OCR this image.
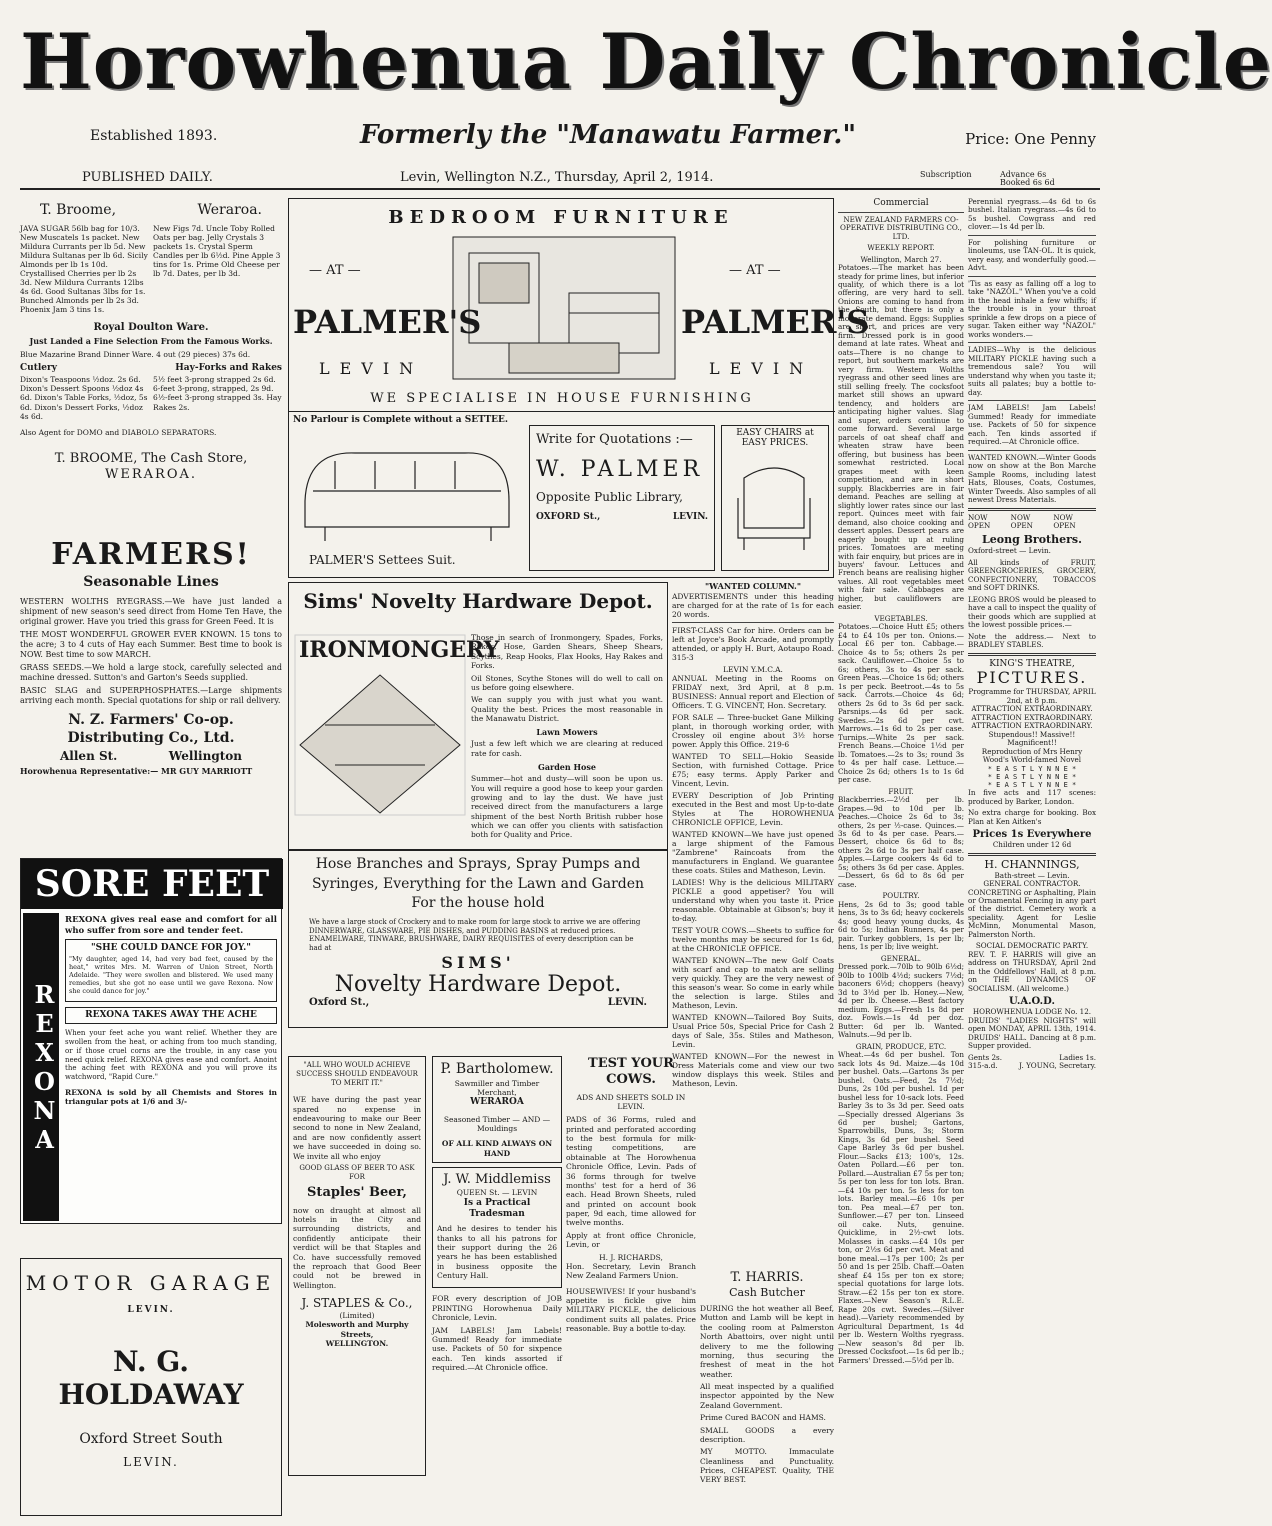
Horowhenua Daily Chronicle
Established 1893.	Formerly the "Manawatu Farmer."	Price: One Penny
PUBLISHED DAILY.	Levin, Wellington N.Z., Thursday, April 2, 1914.	Subscription	Advance 6s
Booked 6s 6d
T. Broome,	Weraroa.
JAVA SUGAR 56lb bag for 10/3. New Muscatels 1s packet. New Mildura Currants per lb 5d. New Mildura Sultanas per lb 6d. Sicily Almonds per lb 1s 10d. Crystallised Cherries per lb 2s 3d. New Mildura Currants 12lbs 4s 6d. Good Sultanas 3lbs for 1s. Bunched Almonds per lb 2s 3d. Phoenix Jam 3 tins 1s.
New Figs 7d. Uncle Toby Rolled Oats per bag. Jelly Crystals 3 packets 1s. Crystal Sperm Candles per lb 6½d. Pine Apple 3 tins for 1s. Prime Old Cheese per lb 7d. Dates, per lb 3d.
Royal Doulton Ware.
Just Landed a Fine Selection From the Famous Works.
Blue Mazarine Brand Dinner Ware. 4 out (29 pieces) 37s 6d.
Cutlery	Hay-Forks and Rakes
Dixon's Teaspoons ½doz. 2s 6d. Dixon's Dessert Spoons ½doz 4s 6d. Dixon's Table Forks, ½doz, 5s 6d. Dixon's Dessert Forks, ½doz 4s 6d.
5½ feet 3-prong strapped 2s 6d. 6-feet 3-prong, strapped, 2s 9d. 6½-feet 3-prong strapped 3s. Hay Rakes 2s.
Also Agent for DOMO and DIABOLO SEPARATORS.
T. BROOME, The Cash Store,
WERAROA.
FARMERS!
Seasonable Lines

WESTERN WOLTHS RYEGRASS.—We have just landed a shipment of new season's seed direct from Home Ten Have, the original grower. Have you tried this grass for Green Feed. It is

THE MOST WONDERFUL GROWER EVER KNOWN. 15 tons to the acre; 3 to 4 cuts of Hay each Summer. Best time to book is NOW. Best time to sow MARCH.

GRASS SEEDS.—We hold a large stock, carefully selected and machine dressed. Sutton's and Garton's Seeds supplied.

BASIC SLAG and SUPERPHOSPHATES.—Large shipments arriving each month. Special quotations for ship or rail delivery.

N. Z. Farmers' Co-op. Distributing Co., Ltd.
Allen St.	Wellington
Horowhenua Representative:— MR GUY MARRIOTT
SORE FEET
REXONA

REXONA gives real ease and comfort for all who suffer from sore and tender feet.

"SHE COULD DANCE FOR JOY."

"My daughter, aged 14, had very bad feet, caused by the heat," writes Mrs. M. Warren of Union Street, North Adelaide. "They were swollen and blistered. We used many remedies, but she got no ease until we gave Rexona. Now she could dance for joy."

REXONA TAKES AWAY THE ACHE

When your feet ache you want relief. Whether they are swollen from the heat, or aching from too much standing, or if those cruel corns are the trouble, in any case you need quick relief. REXONA gives ease and comfort. Anoint the aching feet with REXONA and you will prove its watchword, "Rapid Cure."

REXONA is sold by all Chemists and Stores in triangular pots at 1/6 and 3/-

MOTOR GARAGE
LEVIN.
N. G. HOLDAWAY
Oxford Street South
LEVIN.
BEDROOM FURNITURE
— AT —	— AT —
PALMER'S	PALMER'S
LEVIN	LEVIN
WE SPECIALISE IN HOUSE FURNISHING
No Parlour is Complete without a SETTEE.
PALMER'S Settees Suit.
Write for Quotations :—
W. PALMER
Opposite Public Library,
OXFORD St.,	LEVIN.
EASY CHAIRS at EASY PRICES.
Sims' Novelty Hardware Depot.
IRONMONGERY

Those in search of Ironmongery, Spades, Forks, Rakes, Hose, Garden Shears, Sheep Shears, Scythes, Reap Hooks, Flax Hooks, Hay Rakes and Forks.

Oil Stones, Scythe Stones will do well to call on us before going elsewhere.

We can supply you with just what you want. Quality the best. Prices the most reasonable in the Manawatu District.

Lawn Mowers

Just a few left which we are clearing at reduced rate for cash.

Garden Hose

Summer—hot and dusty—will soon be upon us. You will require a good hose to keep your garden growing and to lay the dust. We have just received direct from the manufacturers a large shipment of the best North British rubber hose which we can offer you clients with satisfaction both for Quality and Price.

Hose Branches and Sprays, Spray Pumps and Syringes, Everything for the Lawn and Garden For the house hold
We have a large stock of Crockery and to make room for large stock to arrive we are offering DINNERWARE, GLASSWARE, PIE DISHES, and PUDDING BASINS at reduced prices. ENAMELWARE, TINWARE, BRUSHWARE, DAIRY REQUISITES of every description can be had at
SIMS'
Novelty Hardware Depot.
Oxford St.,	LEVIN.
"WANTED COLUMN."

ADVERTISEMENTS under this heading are charged for at the rate of 1s for each 20 words.

FIRST-CLASS Car for hire. Orders can be left at Joyce's Book Arcade, and promptly attended, or apply H. Burt, Aotaupo Road. 315-3

LEVIN Y.M.C.A.

ANNUAL Meeting in the Rooms on FRIDAY next, 3rd April, at 8 p.m. BUSINESS: Annual report and Election of Officers. T. G. VINCENT, Hon. Secretary.

FOR SALE — Three-bucket Gane Milking plant, in thorough working order, with Crossley oil engine about 3½ horse power. Apply this Office. 219-6

WANTED TO SELL—Hokio Seaside Section, with furnished Cottage. Price £75; easy terms. Apply Parker and Vincent, Levin.

EVERY Description of Job Printing executed in the Best and most Up-to-date Styles at The HOROWHENUA CHRONICLE OFFICE, Levin.

WANTED KNOWN—We have just opened a large shipment of the Famous "Zambrene" Raincoats from the manufacturers in England. We guarantee these coats. Stiles and Matheson, Levin.

LADIES! Why is the delicious MILITARY PICKLE a good appetiser? You will understand why when you taste it. Price reasonable. Obtainable at Gibson's; buy it to-day.

TEST YOUR COWS.—Sheets to suffice for twelve months may be secured for 1s 6d, at the CHRONICLE OFFICE.

WANTED KNOWN—The new Golf Coats with scarf and cap to match are selling very quickly. They are the very newest of this season's wear. So come in early while the selection is large. Stiles and Matheson, Levin.

WANTED KNOWN—Tailored Boy Suits, Usual Price 50s, Special Price for Cash 2 days of Sale, 35s. Stiles and Matheson, Levin.

WANTED KNOWN—For the newest in Dress Materials come and view our two window displays this week. Stiles and Matheson, Levin.

"ALL WHO WOULD ACHIEVE SUCCESS SHOULD ENDEAVOUR TO MERIT IT."

WE have during the past year spared no expense in endeavouring to make our Beer second to none in New Zealand, and are now confidently assert we have succeeded in doing so. We invite all who enjoy

GOOD GLASS OF BEER TO ASK FOR
Staples' Beer,

now on draught at almost all hotels in the City and surrounding districts, and confidently anticipate their verdict will be that Staples and Co. have successfully removed the reproach that Good Beer could not be brewed in Wellington.

J. STAPLES & Co.,
(Limited)
Molesworth and Murphy Streets,
WELLINGTON.
P. Bartholomew.
Sawmiller and Timber Merchant,
WERAROA
Seasoned Timber — AND — Mouldings
OF ALL KIND ALWAYS ON HAND
J. W. Middlemiss
QUEEN St. — LEVIN
Is a Practical Tradesman

And he desires to tender his thanks to all his patrons for their support during the 26 years he has been established in business opposite the Century Hall.

FOR every description of JOB PRINTING Horowhenua Daily Chronicle, Levin.

JAM LABELS! Jam Labels! Gummed! Ready for immediate use. Packets of 50 for sixpence each. Ten kinds assorted if required.—At Chronicle office.

TEST YOUR COWS.
ADS AND SHEETS SOLD IN LEVIN.

PADS of 36 Forms, ruled and printed and perforated according to the best formula for milk-testing competitions, are obtainable at The Horowhenua Chronicle Office, Levin. Pads of 36 forms through for twelve months' test for a herd of 36 each. Head Brown Sheets, ruled and printed on account book paper, 9d each, time allowed for twelve months.

Apply at front office Chronicle, Levin, or

H. J. RICHARDS,

Hon. Secretary, Levin Branch New Zealand Farmers Union.

HOUSEWIVES! If your husband's appetite is fickle give him MILITARY PICKLE, the delicious condiment suits all palates. Price reasonable. Buy a bottle to-day.

T. HARRIS.
Cash Butcher

DURING the hot weather all Beef, Mutton and Lamb will be kept in the cooling room at Palmerston North Abattoirs, over night until delivery to me the following morning, thus securing the freshest of meat in the hot weather.

All meat inspected by a qualified inspector appointed by the New Zealand Government.

Prime Cured BACON and HAMS.

SMALL GOODS a every description.

MY MOTTO. Immaculate Cleanliness and Punctuality. Prices, CHEAPEST. Quality, THE VERY BEST.

Commercial
NEW ZEALAND FARMERS CO-OPERATIVE DISTRIBUTING CO., LTD.
WEEKLY REPORT.
Wellington, March 27.

Potatoes.—The market has been steady for prime lines, but inferior quality, of which there is a lot offering, are very hard to sell. Onions are coming to hand from the South, but there is only a moderate demand. Eggs: Supplies are short, and prices are very firm. Dressed pork is in good demand at late rates. Wheat and oats—There is no change to report, but southern markets are very firm. Western Wolths ryegrass and other seed lines are still selling freely. The cocksfoot market still shows an upward tendency, and holders are anticipating higher values. Slag and super, orders continue to come forward. Several large parcels of oat sheaf chaff and wheaten straw have been offering, but business has been somewhat restricted. Local grapes meet with keen competition, and are in short supply. Blackberries are in fair demand. Peaches are selling at slightly lower rates since our last report. Quinces meet with fair demand, also choice cooking and dessert apples. Dessert pears are eagerly bought up at ruling prices. Tomatoes are meeting with fair enquiry, but prices are in buyers' favour. Lettuces and French beans are realising higher values. All root vegetables meet with fair sale. Cabbages are higher, but cauliflowers are easier.

VEGETABLES.

Potatoes.—Choice Hutt £5; others £4 to £4 10s per ton. Onions.—Local £6 per ton. Cabbage.—Choice 4s to 5s; others 2s per sack. Cauliflower.—Choice 5s to 6s; others, 3s to 4s per sack. Green Peas.—Choice 1s 6d; others 1s per peck. Beetroot.—4s to 5s sack. Carrots.—Choice 4s 6d; others 2s 6d to 3s 6d per sack. Parsnips.—4s 6d per sack. Swedes.—2s 6d per cwt. Marrows.—1s 6d to 2s per case. Turnips.—White 2s per sack. French Beans.—Choice 1½d per lb. Tomatoes.—2s to 3s; round 3s to 4s per half case. Lettuce.—Choice 2s 6d; others 1s to 1s 6d per case.

FRUIT.

Blackberries.—2½d per lb. Grapes.—9d to 10d per lb. Peaches.—Choice 2s 6d to 3s; others, 2s per ½-case. Quinces.—3s 6d to 4s per case. Pears.—Dessert, choice 6s 6d to 8s; others 2s 6d to 3s per half case. Apples.—Large cookers 4s 6d to 5s; others 3s 6d per case. Apples.—Dessert, 6s 6d to 8s 6d per case.

POULTRY.

Hens, 2s 6d to 3s; good table hens, 3s to 3s 6d; heavy cockerels 4s; good heavy young ducks, 4s 6d to 5s; Indian Runners, 4s per pair. Turkey gobblers, 1s per lb; hens, 1s per lb; live weight.

GENERAL.

Dressed pork.—70lb to 90lb 6½d; 90lb to 100lb 4½d; suckers 7½d; baconers 6½d; choppers (heavy) 3d to 3½d per lb. Honey.—New, 4d per lb. Cheese.—Best factory medium. Eggs.—Fresh 1s 8d per doz. Fowls.—1s 4d per doz. Butter: 6d per lb. Wanted. Walnuts.—9d per lb.

GRAIN, PRODUCE, ETC.

Wheat.—4s 6d per bushel. Ton sack lots 4s 9d. Maize.—4s 10d per bushel. Oats.—Gartons 3s per bushel. Oats.—Feed, 2s 7½d; Duns, 2s 10d per bushel. 1d per bushel less for 10-sack lots. Feed Barley 3s to 3s 3d per. Seed oats—Specially dressed Algerians 3s 6d per bushel; Gartons, Sparrowbills, Duns, 3s; Storm Kings, 3s 6d per bushel. Seed Cape Barley 3s 6d per bushel. Flour.—Sacks £13; 100's, 12s. Oaten Pollard.—£6 per ton. Pollard.—Australian £7 5s per ton; 5s per ton less for ton lots. Bran.—£4 10s per ton. 5s less for ton lots. Barley meal.—£6 10s per ton. Pea meal.—£7 per ton. Sunflower.—£7 per ton. Linseed oil cake. Nuts, genuine. Quicklime, in 2½-cwt lots. Molasses in casks.—£4 10s per ton, or 2½s 6d per cwt. Meat and bone meal.—17s per 100; 2s per 50 and 1s per 25lb. Chaff.—Oaten sheaf £4 15s per ton ex store; special quotations for large lots. Straw.—£2 15s per ton ex store. Flaxes.—New Season's R.L.E. Rape 20s cwt. Swedes.—(Silver head).—Variety recommended by Agricultural Department, 1s 4d per lb. Western Wolths ryegrass.—New season's 8d per lb. Dressed Cocksfoot.—1s 6d per lb.; Farmers' Dressed.—5½d per lb.

Perennial ryegrass.—4s 6d to 6s bushel. Italian ryegrass.—4s 6d to 5s bushel. Cowgrass and red clover.—1s 4d per lb.

For polishing furniture or linoleums, use TAN-OL. It is quick, very easy, and wonderfully good.—Advt.

'Tis as easy as falling off a log to take "NAZOL." When you've a cold in the head inhale a few whiffs; if the trouble is in your throat sprinkle a few drops on a piece of sugar. Taken either way "NAZOL" works wonders.—

LADIES—Why is the delicious MILITARY PICKLE having such a tremendous sale? You will understand why when you taste it; suits all palates; buy a bottle to-day.

JAM LABELS! Jam Labels! Gummed! Ready for immediate use. Packets of 50 for sixpence each. Ten kinds assorted if required.—At Chronicle office.

WANTED KNOWN.—Winter Goods now on show at the Bon Marche Sample Rooms, including latest Hats, Blouses, Coats, Costumes, Winter Tweeds. Also samples of all newest Dress Materials.

NOW OPEN
NOW OPEN
NOW OPEN
Leong Brothers.

Oxford-street — Levin.

All kinds of FRUIT, GREENGROCERIES, GROCERY, CONFECTIONERY, TOBACCOS and SOFT DRINKS.

LEONG BROS would be pleased to have a call to inspect the quality of their goods which are supplied at the lowest possible prices.—

Note the address.— Next to BRADLEY STABLES.

KING'S THEATRE,
PICTURES.
Programme for THURSDAY, APRIL 2nd, at 8 p.m.
ATTRACTION EXTRAORDINARY. ATTRACTION EXTRAORDINARY. ATTRACTION EXTRAORDINARY.
Stupendous!! Massive!! Magnificent!!
Reproduction of Mrs Henry Wood's World-famed Novel
* E A S T L Y N N E *
* E A S T L Y N N E *
* E A S T L Y N N E *

In five acts and 117 scenes: produced by Barker, London.

No extra charge for booking. Box Plan at Ken Aitken's

Prices 1s Everywhere
Children under 12 6d
H. CHANNINGS,
Bath-street — Levin.
GENERAL CONTRACTOR.

CONCRETING or Asphalting, Plain or Ornamental Fencing in any part of the district. Cemetery work a speciality. Agent for Leslie McMinn, Monumental Mason, Palmerston North.

SOCIAL DEMOCRATIC PARTY.

REV. T. F. HARRIS will give an address on THURSDAY, April 2nd in the Oddfellows' Hall, at 8 p.m. on THE DYNAMICS OF SOCIALISM. (All welcome.)

U.A.O.D.
HOROWHENUA LODGE No. 12.

DRUIDS' "LADIES NIGHTS" will open MONDAY, APRIL 13th, 1914. DRUIDS' HALL. Dancing at 8 p.m. Supper provided.

Gents 2s.	Ladies 1s.
315-a.d.	J. YOUNG, Secretary.
